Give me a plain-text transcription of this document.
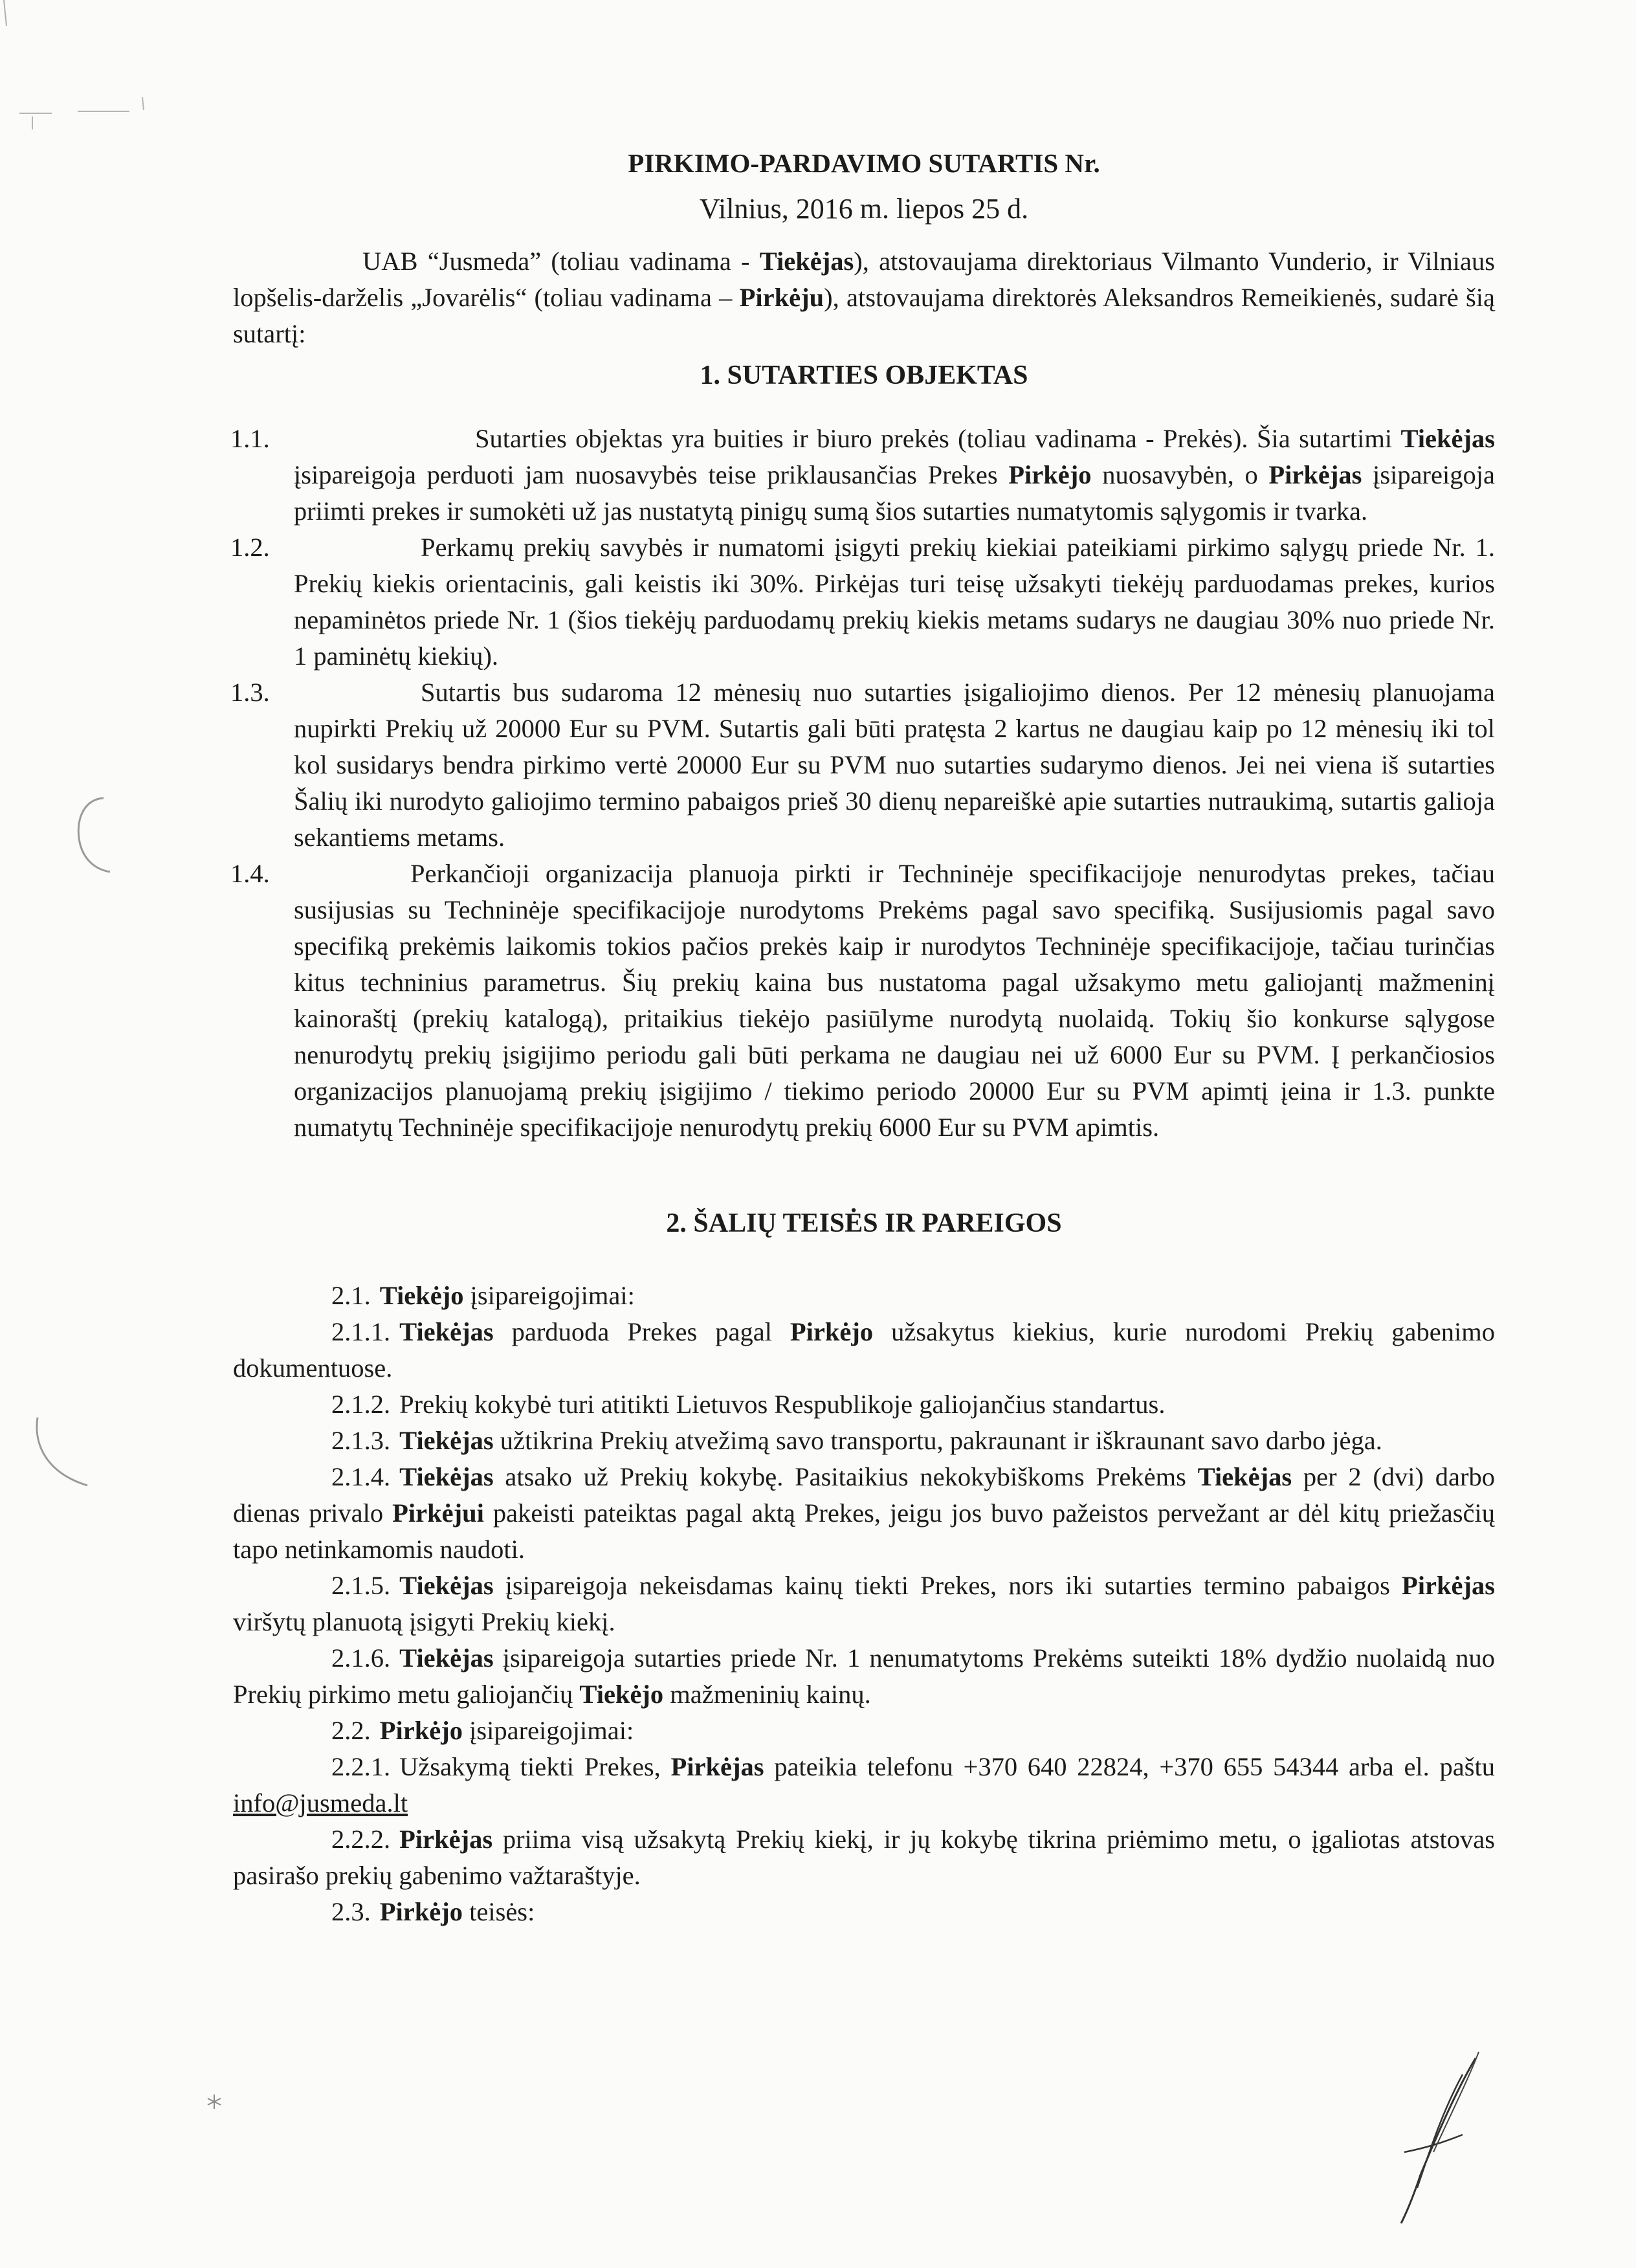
PIRKIMO-PARDAVIMO SUTARTIS Nr.
Vilnius, 2016 m. liepos 25 d.

UAB “Jusmeda” (toliau vadinama - Tiekėjas), atstovaujama direktoriaus Vilmanto Vunderio, ir Vilniaus lopšelis-darželis „Jovarėlis“ (toliau vadinama – Pirkėju), atstovaujama direktorės Aleksandros Remeikienės, sudarė šią sutartį:

1. SUTARTIES OBJEKTAS

1.1.	Sutarties objektas yra buities ir biuro prekės (toliau vadinama - Prekės). Šia sutartimi Tiekėjas įsipareigoja perduoti jam nuosavybės teise priklausančias Prekes Pirkėjo nuosavybėn, o Pirkėjas įsipareigoja priimti prekes ir sumokėti už jas nustatytą pinigų sumą šios sutarties numatytomis sąlygomis ir tvarka.

1.2.	Perkamų prekių savybės ir numatomi įsigyti prekių kiekiai pateikiami pirkimo sąlygų priede Nr. 1. Prekių kiekis orientacinis, gali keistis iki 30%. Pirkėjas turi teisę užsakyti tiekėjų parduodamas prekes, kurios nepaminėtos priede Nr. 1 (šios tiekėjų parduodamų prekių kiekis metams sudarys ne daugiau 30% nuo priede Nr. 1 paminėtų kiekių).

1.3.	Sutartis bus sudaroma 12 mėnesių nuo sutarties įsigaliojimo dienos. Per 12 mėnesių planuojama nupirkti Prekių už 20000 Eur su PVM. Sutartis gali būti pratęsta 2 kartus ne daugiau kaip po 12 mėnesių iki tol kol susidarys bendra pirkimo vertė 20000 Eur su PVM nuo sutarties sudarymo dienos. Jei nei viena iš sutarties Šalių iki nurodyto galiojimo termino pabaigos prieš 30 dienų nepareiškė apie sutarties nutraukimą, sutartis galioja sekantiems metams.

1.4.	Perkančioji organizacija planuoja pirkti ir Techninėje specifikacijoje nenurodytas prekes, tačiau susijusias su Techninėje specifikacijoje nurodytoms Prekėms pagal savo specifiką. Susijusiomis pagal savo specifiką prekėmis laikomis tokios pačios prekės kaip ir nurodytos Techninėje specifikacijoje, tačiau turinčias kitus techninius parametrus. Šių prekių kaina bus nustatoma pagal užsakymo metu galiojantį mažmeninį kainoraštį (prekių katalogą), pritaikius tiekėjo pasiūlyme nurodytą nuolaidą. Tokių šio konkurse sąlygose nenurodytų prekių įsigijimo periodu gali būti perkama ne daugiau nei už 6000 Eur su PVM. Į perkančiosios organizacijos planuojamą prekių įsigijimo / tiekimo periodo 20000 Eur su PVM apimtį įeina ir 1.3. punkte numatytų Techninėje specifikacijoje nenurodytų prekių 6000 Eur su PVM apimtis.

2. ŠALIŲ TEISĖS IR PAREIGOS

2.1. Tiekėjo įsipareigojimai:

2.1.1. Tiekėjas parduoda Prekes pagal Pirkėjo užsakytus kiekius, kurie nurodomi Prekių gabenimo dokumentuose.

2.1.2. Prekių kokybė turi atitikti Lietuvos Respublikoje galiojančius standartus.

2.1.3. Tiekėjas užtikrina Prekių atvežimą savo transportu, pakraunant ir iškraunant savo darbo jėga.

2.1.4. Tiekėjas atsako už Prekių kokybę. Pasitaikius nekokybiškoms Prekėms Tiekėjas per 2 (dvi) darbo dienas privalo Pirkėjui pakeisti pateiktas pagal aktą Prekes, jeigu jos buvo pažeistos pervežant ar dėl kitų priežasčių tapo netinkamomis naudoti.

2.1.5. Tiekėjas įsipareigoja nekeisdamas kainų tiekti Prekes, nors iki sutarties termino pabaigos Pirkėjas viršytų planuotą įsigyti Prekių kiekį.

2.1.6. Tiekėjas įsipareigoja sutarties priede Nr. 1 nenumatytoms Prekėms suteikti 18% dydžio nuolaidą nuo Prekių pirkimo metu galiojančių Tiekėjo mažmeninių kainų.

2.2. Pirkėjo įsipareigojimai:

2.2.1. Užsakymą tiekti Prekes, Pirkėjas pateikia telefonu +370 640 22824, +370 655 54344 arba el. paštu info@jusmeda.lt

2.2.2. Pirkėjas priima visą užsakytą Prekių kiekį, ir jų kokybę tikrina priėmimo metu, o įgaliotas atstovas pasirašo prekių gabenimo važtaraštyje.

2.3. Pirkėjo teisės:
